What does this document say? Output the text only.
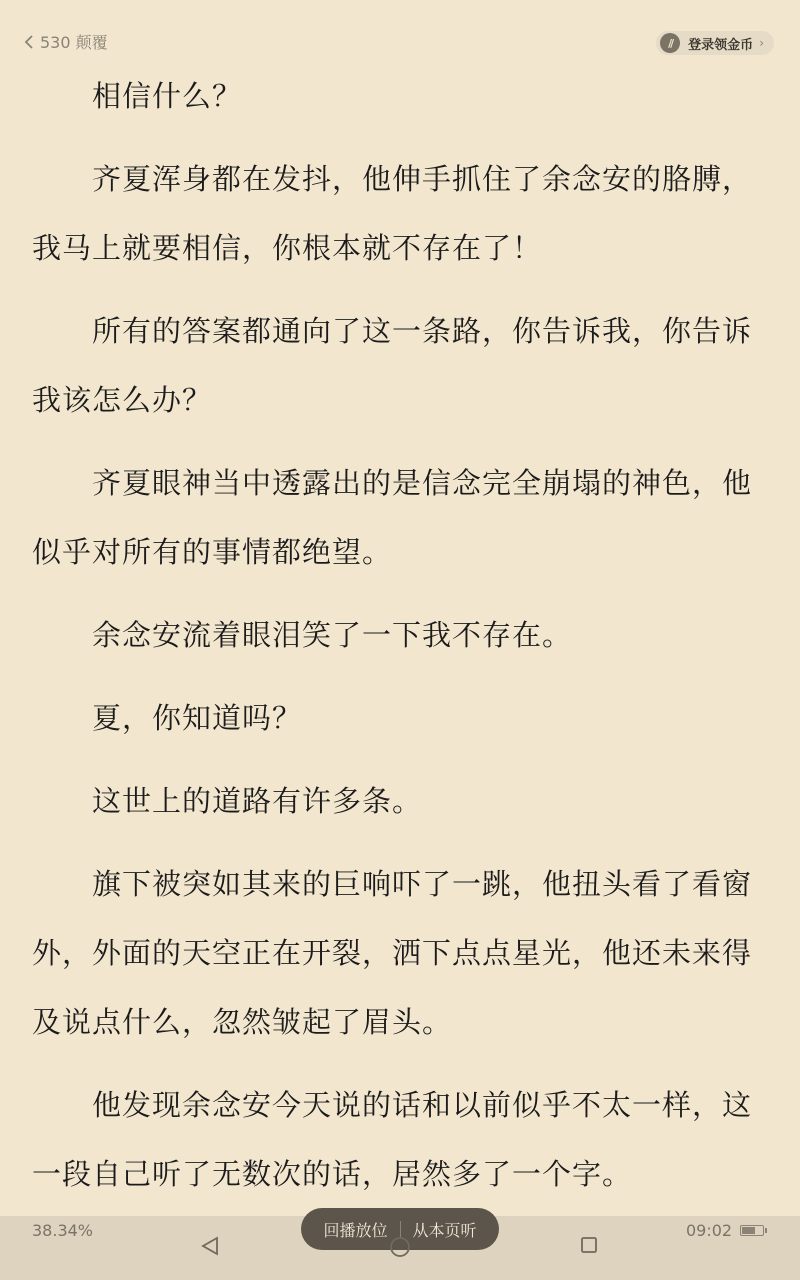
530 颠覆	//	登录领金币 ›

相信什么？

齐夏浑身都在发抖，他伸手抓住了余念安的胳膊，我马上就要相信，你根本就不存在了！

所有的答案都通向了这一条路，你告诉我，你告诉我该怎么办？

齐夏眼神当中透露出的是信念完全崩塌的神色，他似乎对所有的事情都绝望。

余念安流着眼泪笑了一下我不存在。

夏，你知道吗？

这世上的道路有许多条。

旗下被突如其来的巨响吓了一跳，他扭头看了看窗外，外面的天空正在开裂，洒下点点星光，他还未来得及说点什么，忽然皱起了眉头。

他发现余念安今天说的话和以前似乎不太一样，这一段自己听了无数次的话，居然多了一个字。

38.34%	09:02
回播放位	从本页听
